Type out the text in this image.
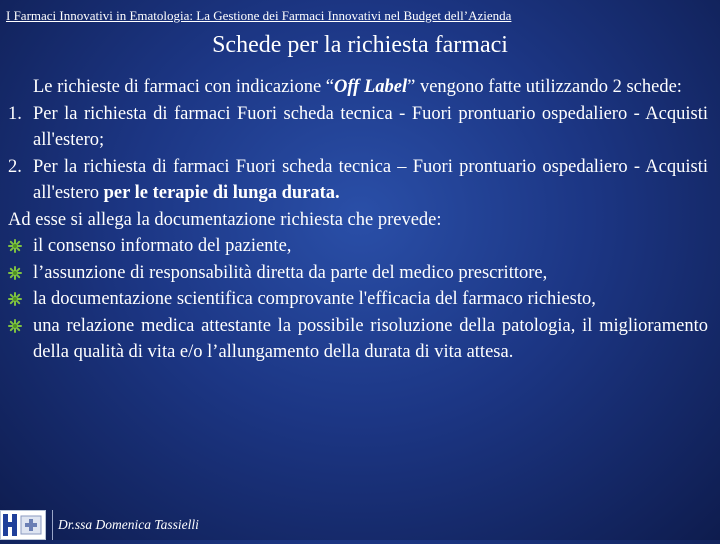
I Farmaci Innovativi in Ematologia: La Gestione dei Farmaci Innovativi nel Budget dell’Azienda
Schede per la richiesta farmaci
Le richieste di farmaci con indicazione “Off Label” vengono fatte utilizzando 2 schede:
1. Per la richiesta di farmaci Fuori scheda tecnica - Fuori prontuario ospedaliero - Acquisti all'estero;
2. Per la richiesta di farmaci Fuori scheda tecnica – Fuori prontuario ospedaliero - Acquisti all'estero per le terapie di lunga durata.
Ad esse si allega la documentazione richiesta che prevede:
il consenso informato del paziente,
l’assunzione di responsabilità diretta da parte del medico prescrittore,
la documentazione scientifica comprovante l'efficacia del farmaco richiesto,
una relazione medica attestante la possibile risoluzione della patologia, il miglioramento della qualità di vita e/o l’allungamento della durata di vita attesa.
Dr.ssa Domenica Tassielli
